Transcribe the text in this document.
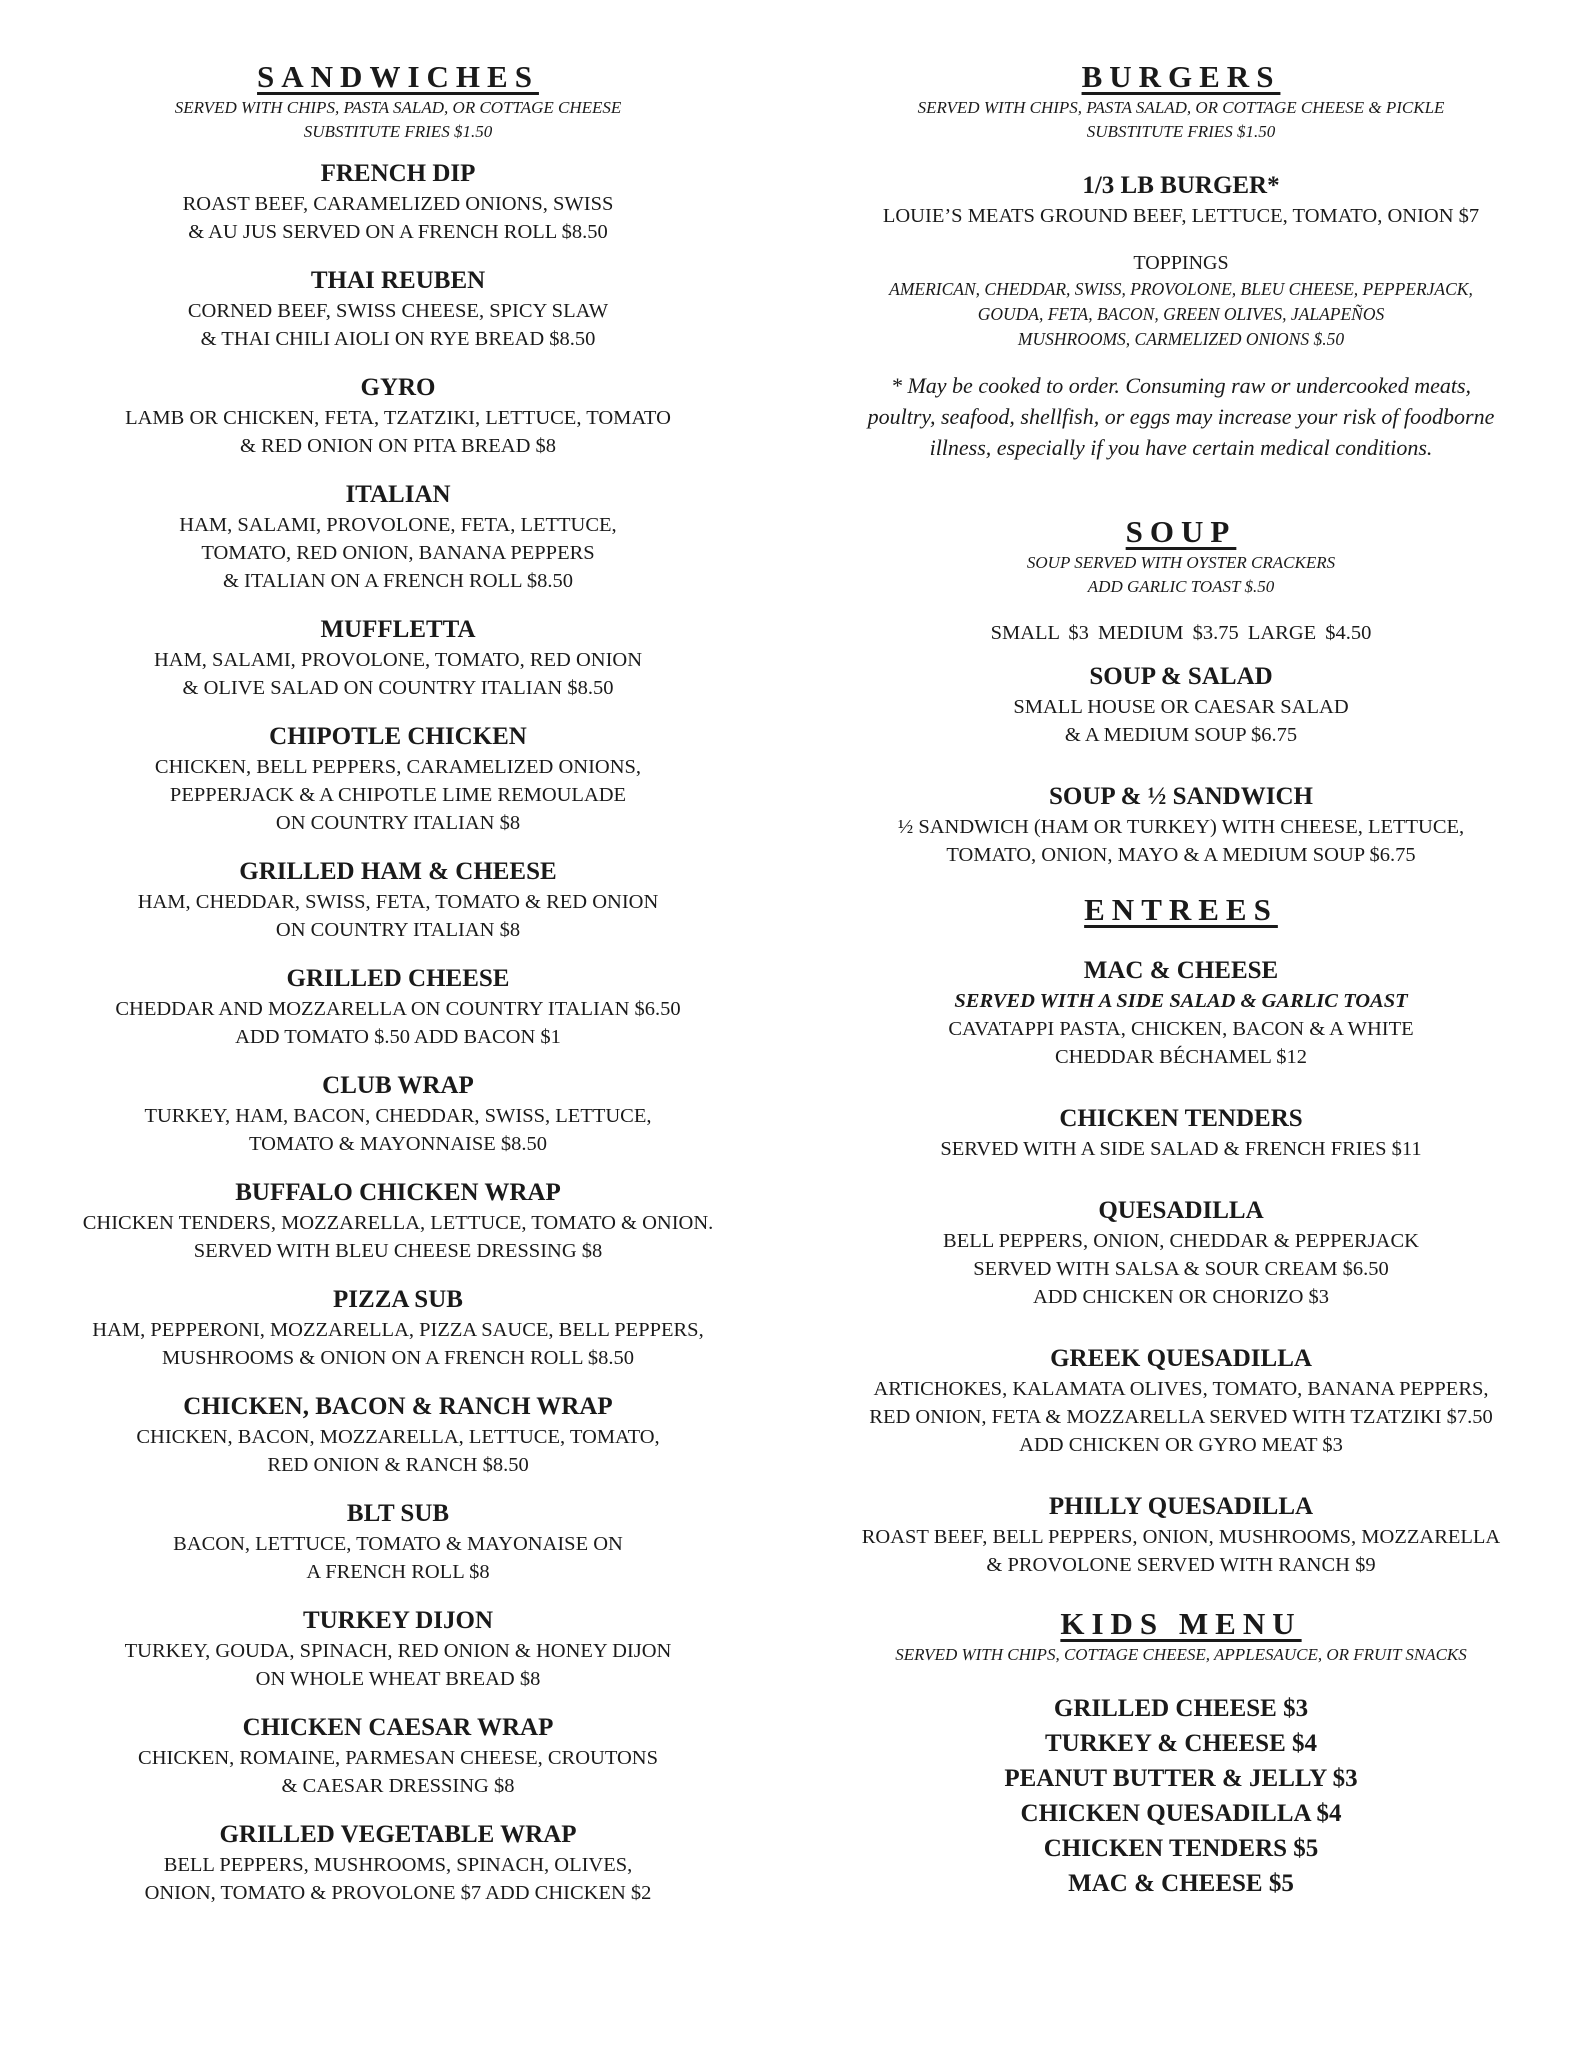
SANDWICHES
SERVED WITH CHIPS, PASTA SALAD, OR COTTAGE CHEESE
SUBSTITUTE FRIES $1.50
FRENCH DIP
ROAST BEEF, CARAMELIZED ONIONS, SWISS
& AU JUS SERVED ON A FRENCH ROLL $8.50
THAI REUBEN
CORNED BEEF, SWISS CHEESE, SPICY SLAW
& THAI CHILI AIOLI ON RYE BREAD $8.50
GYRO
LAMB OR CHICKEN, FETA, TZATZIKI, LETTUCE, TOMATO
& RED ONION ON PITA BREAD $8
ITALIAN
HAM, SALAMI, PROVOLONE, FETA, LETTUCE,
TOMATO, RED ONION, BANANA PEPPERS
& ITALIAN ON A FRENCH ROLL $8.50
MUFFLETTA
HAM, SALAMI, PROVOLONE, TOMATO, RED ONION
& OLIVE SALAD ON COUNTRY ITALIAN $8.50
CHIPOTLE CHICKEN
CHICKEN, BELL PEPPERS, CARAMELIZED ONIONS,
PEPPERJACK & A CHIPOTLE LIME REMOULADE
ON COUNTRY ITALIAN $8
GRILLED HAM & CHEESE
HAM, CHEDDAR, SWISS, FETA, TOMATO & RED ONION
ON COUNTRY ITALIAN $8
GRILLED CHEESE
CHEDDAR AND MOZZARELLA ON COUNTRY ITALIAN $6.50
ADD TOMATO $.50 ADD BACON $1
CLUB WRAP
TURKEY, HAM, BACON, CHEDDAR, SWISS, LETTUCE,
TOMATO & MAYONNAISE $8.50
BUFFALO CHICKEN WRAP
CHICKEN TENDERS, MOZZARELLA, LETTUCE, TOMATO & ONION.
SERVED WITH BLEU CHEESE DRESSING $8
PIZZA SUB
HAM, PEPPERONI, MOZZARELLA, PIZZA SAUCE, BELL PEPPERS,
MUSHROOMS & ONION ON A FRENCH ROLL $8.50
CHICKEN, BACON & RANCH WRAP
CHICKEN, BACON, MOZZARELLA, LETTUCE, TOMATO,
RED ONION & RANCH $8.50
BLT SUB
BACON, LETTUCE, TOMATO & MAYONAISE ON
A FRENCH ROLL $8
TURKEY DIJON
TURKEY, GOUDA, SPINACH, RED ONION & HONEY DIJON
ON WHOLE WHEAT BREAD $8
CHICKEN CAESAR WRAP
CHICKEN, ROMAINE, PARMESAN CHEESE, CROUTONS
& CAESAR DRESSING $8
GRILLED VEGETABLE WRAP
BELL PEPPERS, MUSHROOMS, SPINACH, OLIVES,
ONION, TOMATO & PROVOLONE $7 ADD CHICKEN $2
BURGERS
SERVED WITH CHIPS, PASTA SALAD, OR COTTAGE CHEESE & PICKLE
SUBSTITUTE FRIES $1.50
1/3 LB BURGER*
LOUIE’S MEATS GROUND BEEF, LETTUCE, TOMATO, ONION $7
TOPPINGS
AMERICAN, CHEDDAR, SWISS, PROVOLONE, BLEU CHEESE, PEPPERJACK,
GOUDA, FETA, BACON, GREEN OLIVES, JALAPEÑOS
MUSHROOMS, CARMELIZED ONIONS $.50
* May be cooked to order. Consuming raw or undercooked meats,
poultry, seafood, shellfish, or eggs may increase your risk of foodborne
illness, especially if you have certain medical conditions.
SOUP
SOUP SERVED WITH OYSTER CRACKERS
ADD GARLIC TOAST $.50
SMALL $3 MEDIUM $3.75 LARGE $4.50
SOUP & SALAD
SMALL HOUSE OR CAESAR SALAD
& A MEDIUM SOUP $6.75
SOUP & ½ SANDWICH
½ SANDWICH (HAM OR TURKEY) WITH CHEESE, LETTUCE,
TOMATO, ONION, MAYO & A MEDIUM SOUP $6.75
ENTREES
MAC & CHEESE
SERVED WITH A SIDE SALAD & GARLIC TOAST
CAVATAPPI PASTA, CHICKEN, BACON & A WHITE
CHEDDAR BÉCHAMEL $12
CHICKEN TENDERS
SERVED WITH A SIDE SALAD & FRENCH FRIES $11
QUESADILLA
BELL PEPPERS, ONION, CHEDDAR & PEPPERJACK
SERVED WITH SALSA & SOUR CREAM $6.50
ADD CHICKEN OR CHORIZO $3
GREEK QUESADILLA
ARTICHOKES, KALAMATA OLIVES, TOMATO, BANANA PEPPERS,
RED ONION, FETA & MOZZARELLA SERVED WITH TZATZIKI $7.50
ADD CHICKEN OR GYRO MEAT $3
PHILLY QUESADILLA
ROAST BEEF, BELL PEPPERS, ONION, MUSHROOMS, MOZZARELLA
& PROVOLONE SERVED WITH RANCH $9
KIDS MENU
SERVED WITH CHIPS, COTTAGE CHEESE, APPLESAUCE, OR FRUIT SNACKS
GRILLED CHEESE $3
TURKEY & CHEESE $4
PEANUT BUTTER & JELLY $3
CHICKEN QUESADILLA $4
CHICKEN TENDERS $5
MAC & CHEESE $5
